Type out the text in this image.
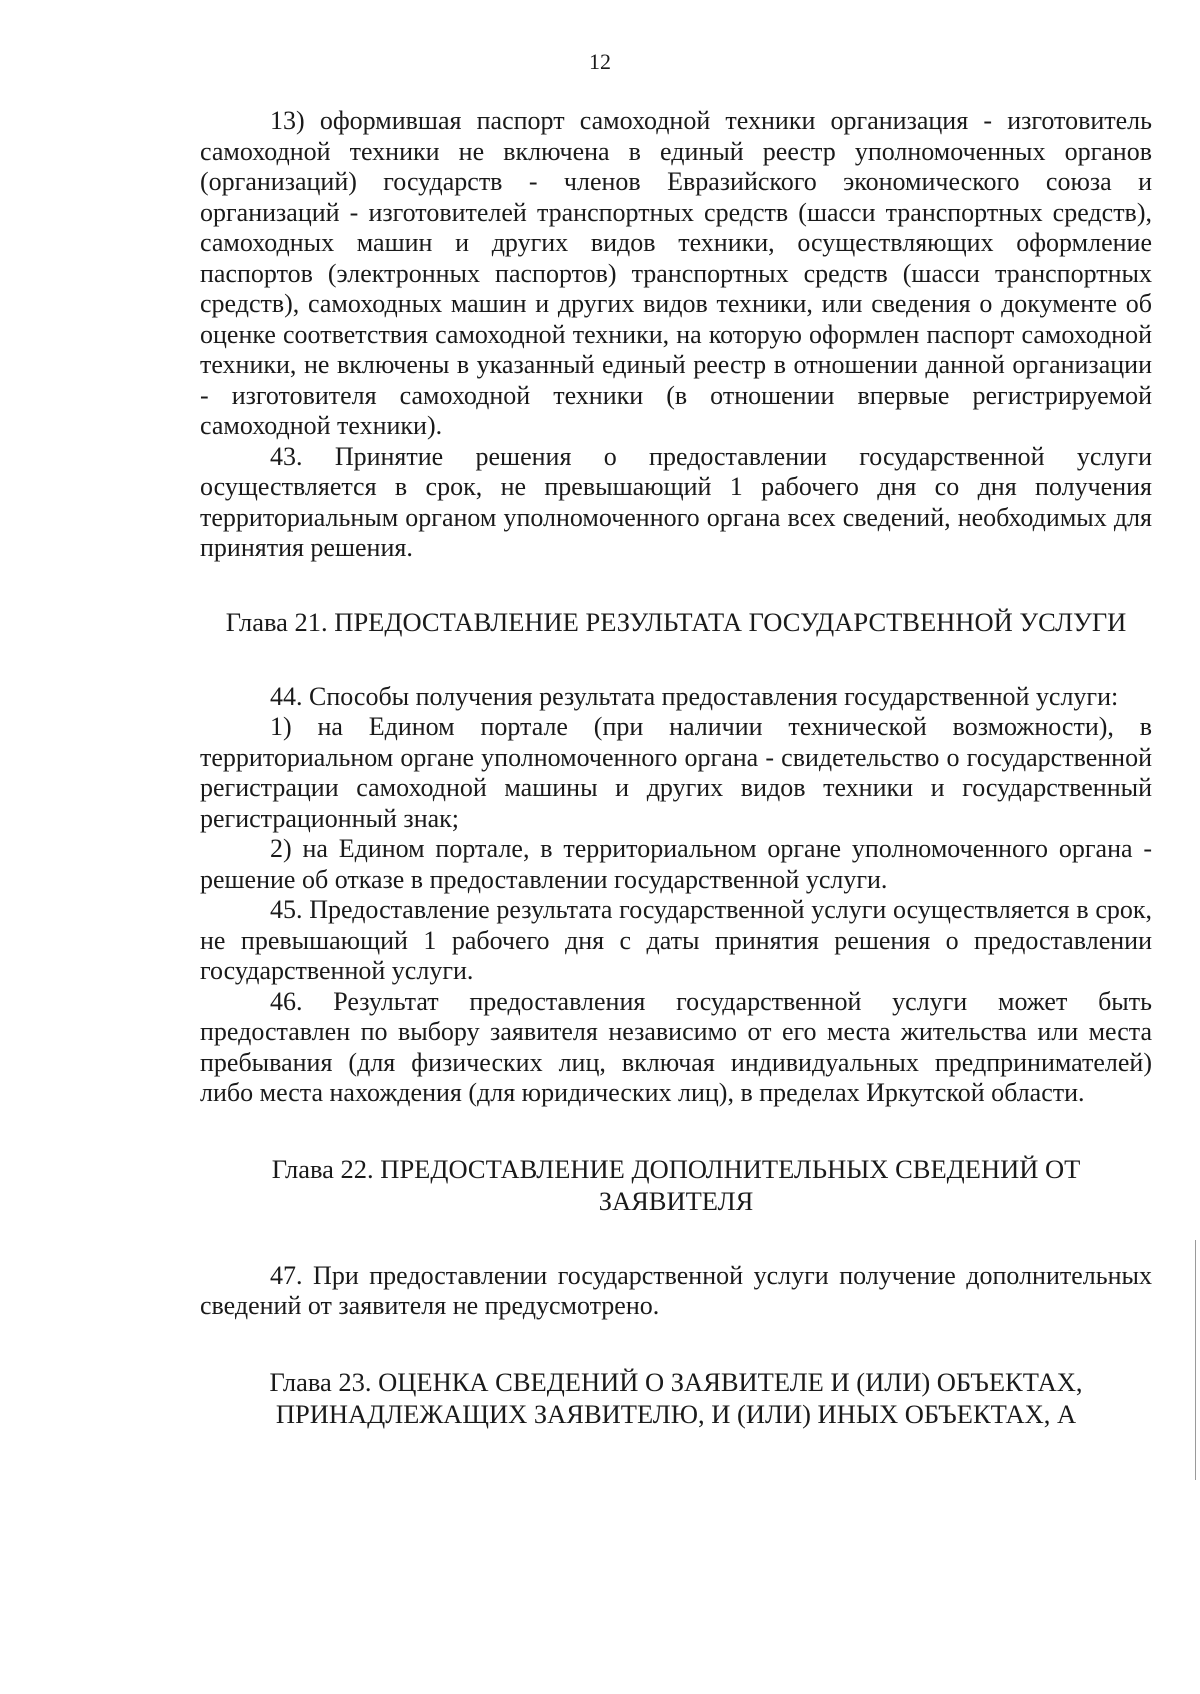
12

13) оформившая паспорт самоходной техники организация - изготовитель самоходной техники не включена в единый реестр уполномоченных органов (организаций) государств - членов Евразийского экономического союза и организаций - изготовителей транспортных средств (шасси транспортных средств), самоходных машин и других видов техники, осуществляющих оформление паспортов (электронных паспортов) транспортных средств (шасси транспортных средств), самоходных машин и других видов техники, или сведения о документе об оценке соответствия самоходной техники, на которую оформлен паспорт самоходной техники, не включены в указанный единый реестр в отношении данной организации - изготовителя самоходной техники (в отношении впервые регистрируемой самоходной техники).

43. Принятие решения о предоставлении государственной услуги осуществляется в срок, не превышающий 1 рабочего дня со дня получения территориальным органом уполномоченного органа всех сведений, необходимых для принятия решения.

Глава 21. ПРЕДОСТАВЛЕНИЕ РЕЗУЛЬТАТА ГОСУДАРСТВЕННОЙ УСЛУГИ

44. Способы получения результата предоставления государственной услуги:

1) на Едином портале (при наличии технической возможности), в территориальном органе уполномоченного органа - свидетельство о государственной регистрации самоходной машины и других видов техники и государственный регистрационный знак;

2) на Едином портале, в территориальном органе уполномоченного органа - решение об отказе в предоставлении государственной услуги.

45. Предоставление результата государственной услуги осуществляется в срок, не превышающий 1 рабочего дня с даты принятия решения о предоставлении государственной услуги.

46. Результат предоставления государственной услуги может быть предоставлен по выбору заявителя независимо от его места жительства или места пребывания (для физических лиц, включая индивидуальных предпринимателей) либо места нахождения (для юридических лиц), в пределах Иркутской области.

Глава 22. ПРЕДОСТАВЛЕНИЕ ДОПОЛНИТЕЛЬНЫХ СВЕДЕНИЙ ОТ ЗАЯВИТЕЛЯ

47. При предоставлении государственной услуги получение дополнительных сведений от заявителя не предусмотрено.

Глава 23. ОЦЕНКА СВЕДЕНИЙ О ЗАЯВИТЕЛЕ И (ИЛИ) ОБЪЕКТАХ, ПРИНАДЛЕЖАЩИХ ЗАЯВИТЕЛЮ, И (ИЛИ) ИНЫХ ОБЪЕКТАХ, А
